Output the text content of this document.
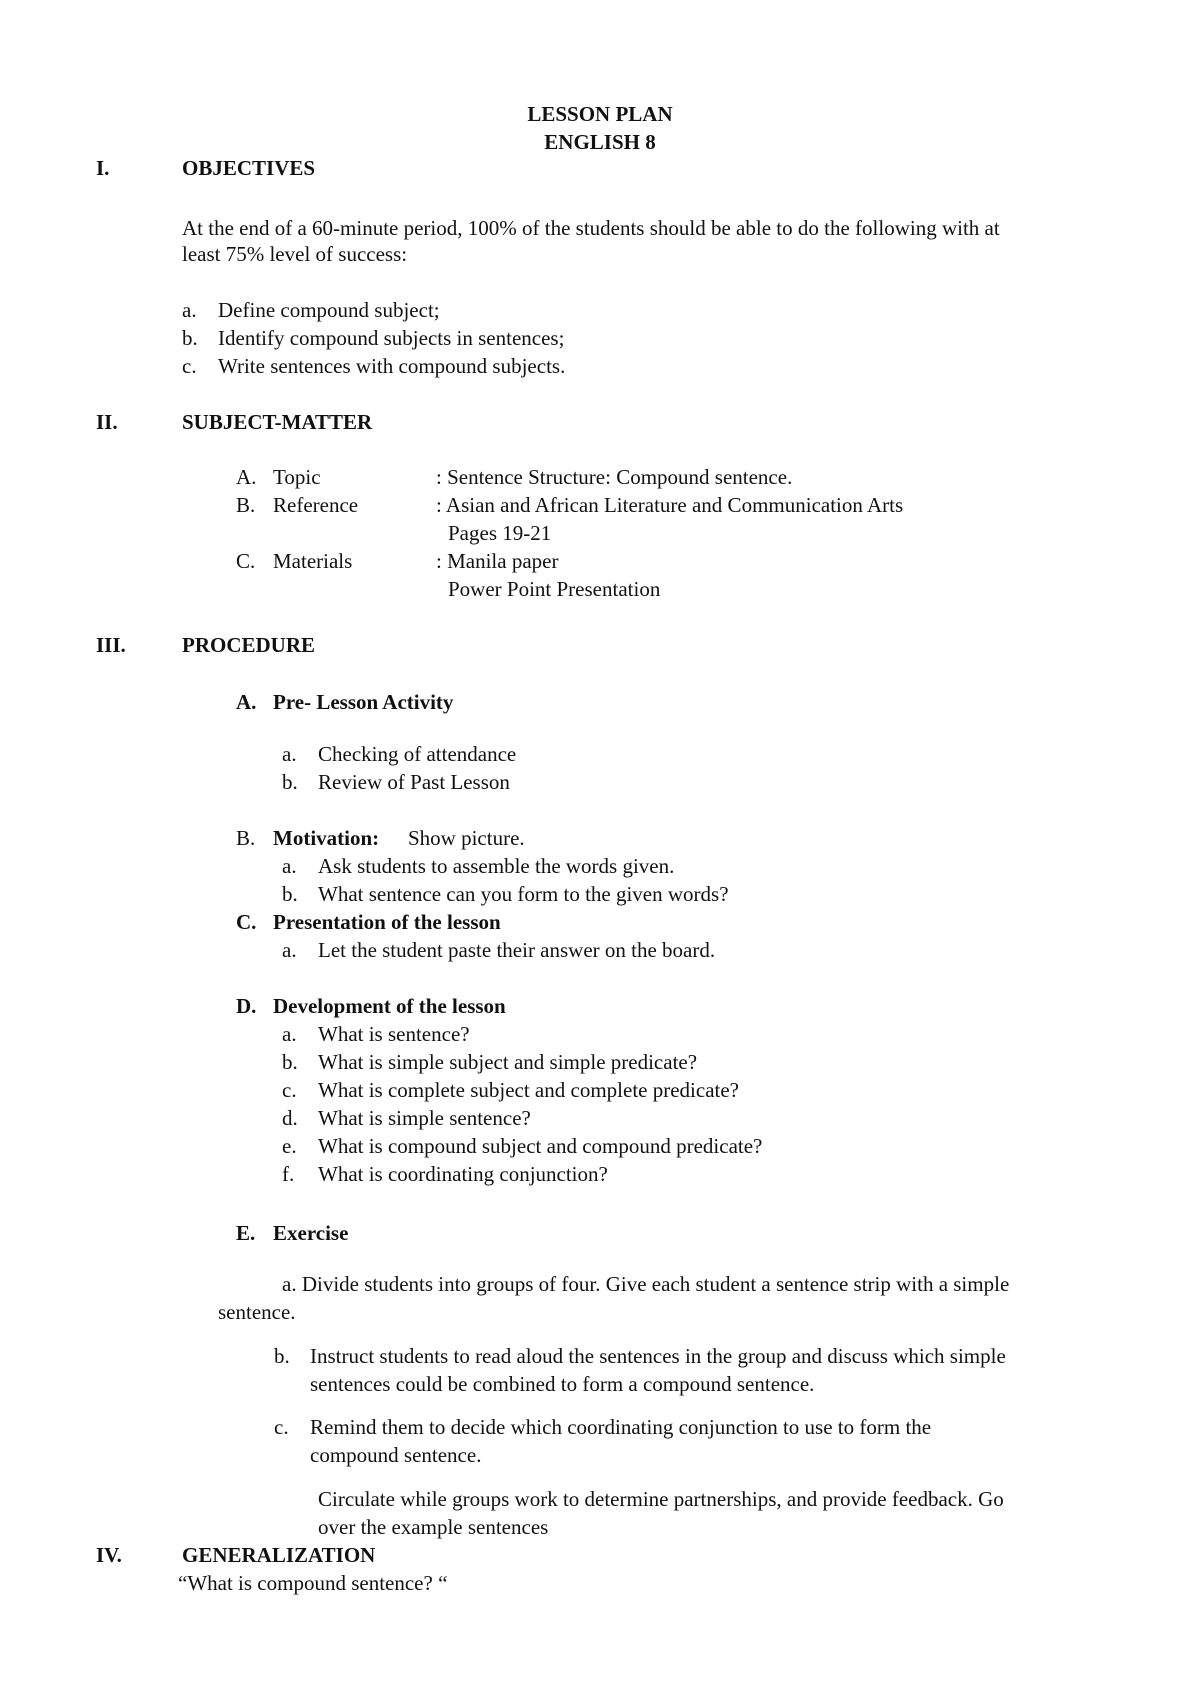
LESSON PLAN
ENGLISH 8
I.	OBJECTIVES
At the end of a 60-minute period, 100% of the students should be able to do the following with at
least 75% level of success:
a. Define compound subject;
b. Identify compound subjects in sentences;
c. Write sentences with compound subjects.
II.	SUBJECT-MATTER
A. Topic	: Sentence Structure: Compound sentence.
B. Reference	: Asian and African Literature and Communication Arts
Pages 19-21
C. Materials	: Manila paper
Power Point Presentation
III.	PROCEDURE
A. Pre- Lesson Activity
a. Checking of attendance
b. Review of Past Lesson
B. Motivation: Show picture.
a. Ask students to assemble the words given.
b. What sentence can you form to the given words?
C. Presentation of the lesson
a. Let the student paste their answer on the board.
D. Development of the lesson
a. What is sentence?
b. What is simple subject and simple predicate?
c. What is complete subject and complete predicate?
d. What is simple sentence?
e. What is compound subject and compound predicate?
f. What is coordinating conjunction?
E. Exercise
a. Divide students into groups of four. Give each student a sentence strip with a simple
sentence.
b. Instruct students to read aloud the sentences in the group and discuss which simple
sentences could be combined to form a compound sentence.
c. Remind them to decide which coordinating conjunction to use to form the
compound sentence.
Circulate while groups work to determine partnerships, and provide feedback. Go
over the example sentences
IV.	GENERALIZATION
“What is compound sentence? “
